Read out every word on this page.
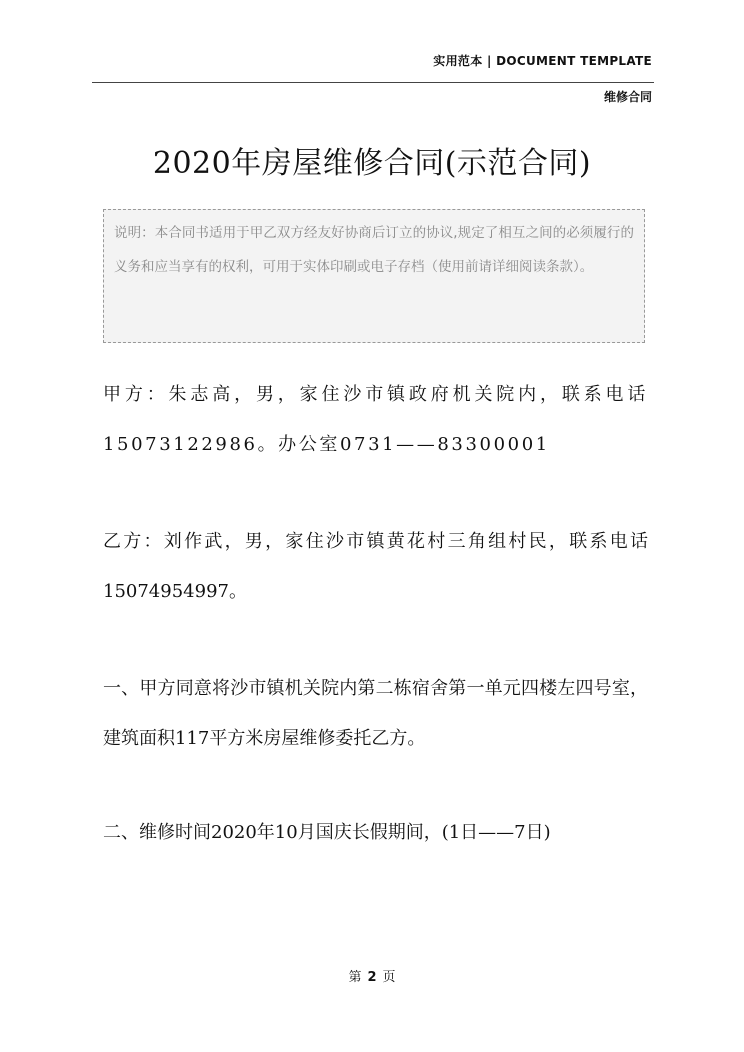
实用范本 | DOCUMENT TEMPLATE
维修合同
2020年房屋维修合同(示范合同)
说明：本合同书适用于甲乙双方经友好协商后订立的协议,规定了相互之间的必须履行的义务和应当享有的权利，可用于实体印刷或电子存档（使用前请详细阅读条款）。
甲方：朱志高，男，家住沙市镇政府机关院内，联系电话15073122986。办公室0731——83300001
乙方：刘作武，男，家住沙市镇黄花村三角组村民，联系电话15074954997。
一、甲方同意将沙市镇机关院内第二栋宿舍第一单元四楼左四号室，建筑面积117平方米房屋维修委托乙方。
二、维修时间2020年10月国庆长假期间，(1日——7日)
第 2 页
